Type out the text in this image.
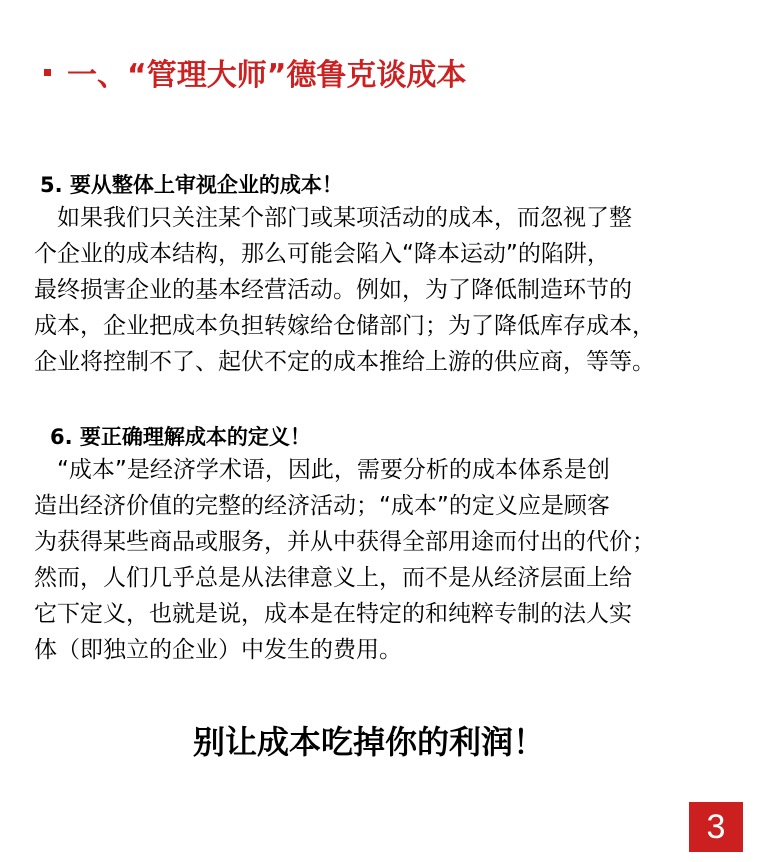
一、“管理大师”德鲁克谈成本
5. 要从整体上审视企业的成本！
　如果我们只关注某个部门或某项活动的成本，而忽视了整
个企业的成本结构，那么可能会陷入“降本运动”的陷阱，
最终损害企业的基本经营活动。例如，为了降低制造环节的
成本，企业把成本负担转嫁给仓储部门；为了降低库存成本，
企业将控制不了、起伏不定的成本推给上游的供应商，等等。
6. 要正确理解成本的定义！
　“成本”是经济学术语，因此，需要分析的成本体系是创
造出经济价值的完整的经济活动；“成本”的定义应是顾客
为获得某些商品或服务，并从中获得全部用途而付出的代价；
然而，人们几乎总是从法律意义上，而不是从经济层面上给
它下定义，也就是说，成本是在特定的和纯粹专制的法人实
体（即独立的企业）中发生的费用。
别让成本吃掉你的利润！
3
